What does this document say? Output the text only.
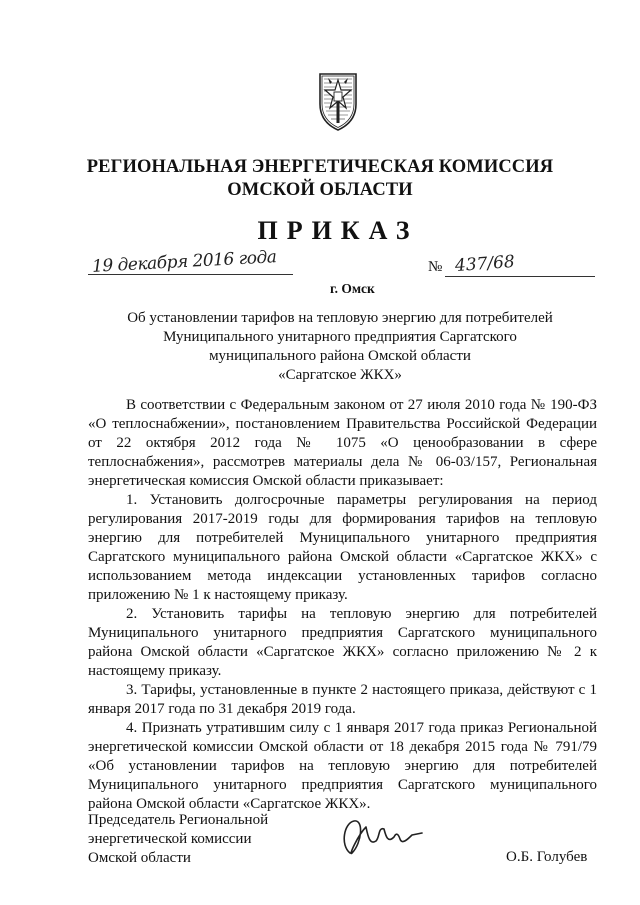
РЕГИОНАЛЬНАЯ ЭНЕРГЕТИЧЕСКАЯ КОМИССИЯ
ОМСКОЙ ОБЛАСТИ
ПРИКАЗ
19 декабря 2016 года
г. Омск
№ 437/68
Об установлении тарифов на тепловую энергию для потребителей
Муниципального унитарного предприятия Саргатского
муниципального района Омской области
«Саргатское ЖКХ»

В соответствии с Федеральным законом от 27 июля 2010 года № 190-ФЗ «О теплоснабжении», постановлением Правительства Российской Федерации от 22 октября 2012 года № 1075 «О ценообразовании в сфере теплоснабжения», рассмотрев материалы дела № 06-03/157, Региональная энергетическая комиссия Омской области приказывает:

1. Установить долгосрочные параметры регулирования на период регулирования 2017-2019 годы для формирования тарифов на тепловую энергию для потребителей Муниципального унитарного предприятия Саргатского муниципального района Омской области «Саргатское ЖКХ» с использованием метода индексации установленных тарифов согласно приложению № 1 к настоящему приказу.

2. Установить тарифы на тепловую энергию для потребителей Муниципального унитарного предприятия Саргатского муниципального района Омской области «Саргатское ЖКХ» согласно приложению № 2 к настоящему приказу.

3. Тарифы, установленные в пункте 2 настоящего приказа, действуют с 1 января 2017 года по 31 декабря 2019 года.

4. Признать утратившим силу с 1 января 2017 года приказ Региональной энергетической комиссии Омской области от 18 декабря 2015 года № 791/79 «Об установлении тарифов на тепловую энергию для потребителей Муниципального унитарного предприятия Саргатского муниципального района Омской области «Саргатское ЖКХ».

Председатель Региональной
энергетической комиссии
Омской области	О.Б. Голубев
